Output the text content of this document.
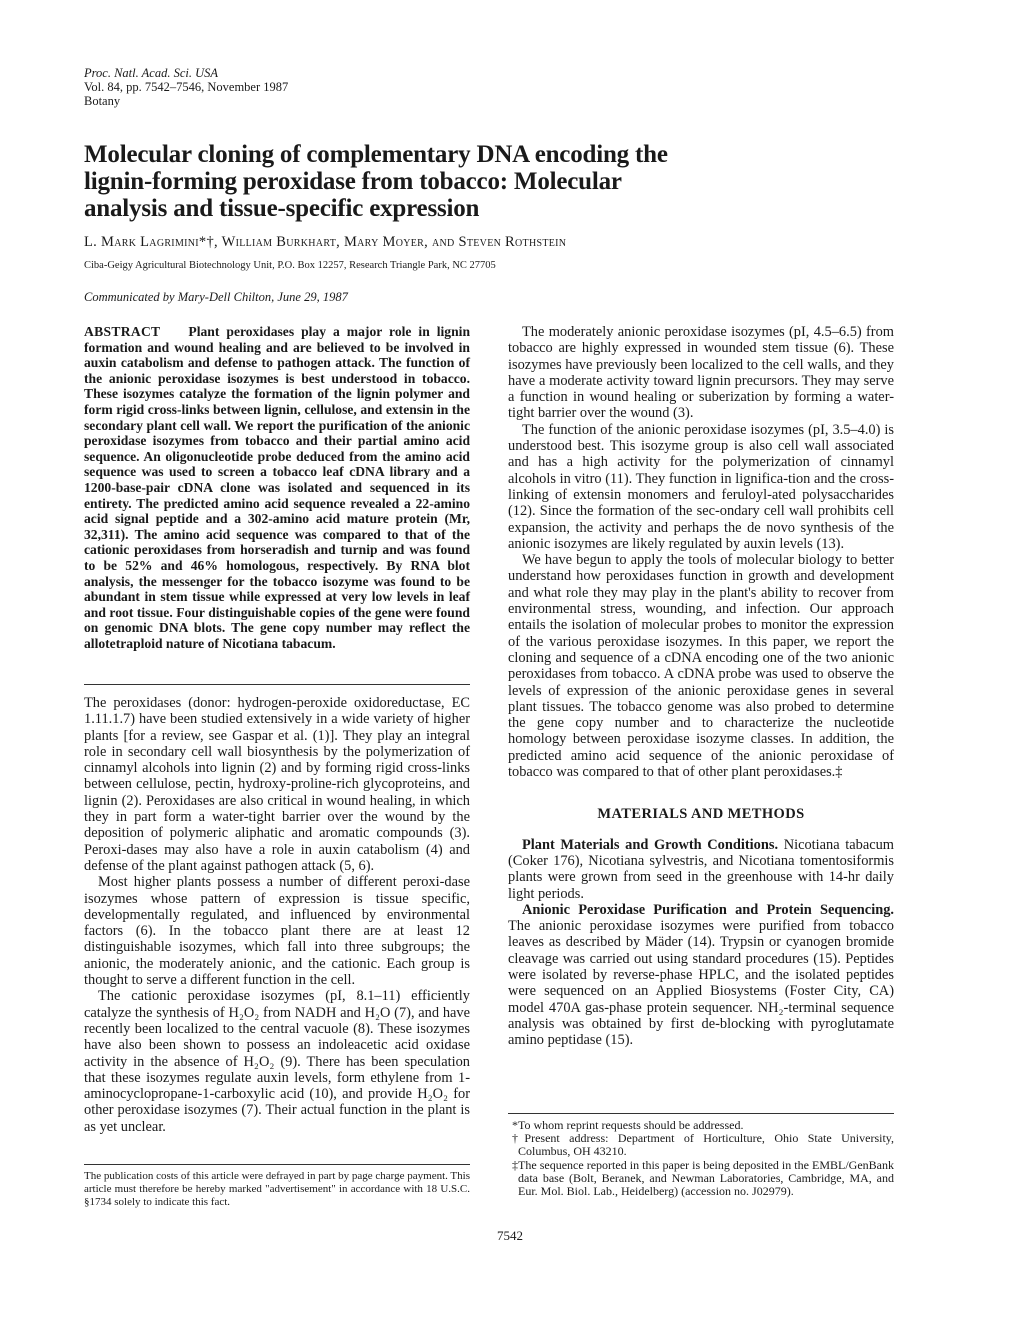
Proc. Natl. Acad. Sci. USA
Vol. 84, pp. 7542–7546, November 1987
Botany
Molecular cloning of complementary DNA encoding the
lignin-forming peroxidase from tobacco: Molecular
analysis and tissue-specific expression
L. Mark Lagrimini*†, William Burkhart, Mary Moyer, and Steven Rothstein
Ciba-Geigy Agricultural Biotechnology Unit, P.O. Box 12257, Research Triangle Park, NC 27705
Communicated by Mary-Dell Chilton, June 29, 1987
ABSTRACT Plant peroxidases play a major role in lignin formation and wound healing and are believed to be involved in auxin catabolism and defense to pathogen attack. The function of the anionic peroxidase isozymes is best understood in tobacco. These isozymes catalyze the formation of the lignin polymer and form rigid cross-links between lignin, cellulose, and extensin in the secondary plant cell wall. We report the purification of the anionic peroxidase isozymes from tobacco and their partial amino acid sequence. An oligonucleotide probe deduced from the amino acid sequence was used to screen a tobacco leaf cDNA library and a 1200-base-pair cDNA clone was isolated and sequenced in its entirety. The predicted amino acid sequence revealed a 22-amino acid signal peptide and a 302-amino acid mature protein (Mr, 32,311). The amino acid sequence was compared to that of the cationic peroxidases from horseradish and turnip and was found to be 52% and 46% homologous, respectively. By RNA blot analysis, the messenger for the tobacco isozyme was found to be abundant in stem tissue while expressed at very low levels in leaf and root tissue. Four distinguishable copies of the gene were found on genomic DNA blots. The gene copy number may reflect the allotetraploid nature of Nicotiana tabacum.

The peroxidases (donor: hydrogen-peroxide oxidoreductase, EC 1.11.1.7) have been studied extensively in a wide variety of higher plants [for a review, see Gaspar et al. (1)]. They play an integral role in secondary cell wall biosynthesis by the polymerization of cinnamyl alcohols into lignin (2) and by forming rigid cross-links between cellulose, pectin, hydroxy-proline-rich glycoproteins, and lignin (2). Peroxidases are also critical in wound healing, in which they in part form a water-tight barrier over the wound by the deposition of polymeric aliphatic and aromatic compounds (3). Peroxi-dases may also have a role in auxin catabolism (4) and defense of the plant against pathogen attack (5, 6).

Most higher plants possess a number of different peroxi-dase isozymes whose pattern of expression is tissue specific, developmentally regulated, and influenced by environmental factors (6). In the tobacco plant there are at least 12 distinguishable isozymes, which fall into three subgroups; the anionic, the moderately anionic, and the cationic. Each group is thought to serve a different function in the cell.

The cationic peroxidase isozymes (pI, 8.1–11) efficiently catalyze the synthesis of H₂O₂ from NADH and H₂O (7), and have recently been localized to the central vacuole (8). These isozymes have also been shown to possess an indoleacetic acid oxidase activity in the absence of H₂O₂ (9). There has been speculation that these isozymes regulate auxin levels, form ethylene from 1-aminocyclopropane-1-carboxylic acid (10), and provide H₂O₂ for other peroxidase isozymes (7). Their actual function in the plant is as yet unclear.

The publication costs of this article were defrayed in part by page charge payment. This article must therefore be hereby marked "advertisement" in accordance with 18 U.S.C. §1734 solely to indicate this fact.

The moderately anionic peroxidase isozymes (pI, 4.5–6.5) from tobacco are highly expressed in wounded stem tissue (6). These isozymes have previously been localized to the cell walls, and they have a moderate activity toward lignin precursors. They may serve a function in wound healing or suberization by forming a water-tight barrier over the wound (3).

The function of the anionic peroxidase isozymes (pI, 3.5–4.0) is understood best. This isozyme group is also cell wall associated and has a high activity for the polymerization of cinnamyl alcohols in vitro (11). They function in lignifica-tion and the cross-linking of extensin monomers and feruloyl-ated polysaccharides (12). Since the formation of the sec-ondary cell wall prohibits cell expansion, the activity and perhaps the de novo synthesis of the anionic isozymes are likely regulated by auxin levels (13).

We have begun to apply the tools of molecular biology to better understand how peroxidases function in growth and development and what role they may play in the plant's ability to recover from environmental stress, wounding, and infection. Our approach entails the isolation of molecular probes to monitor the expression of the various peroxidase isozymes. In this paper, we report the cloning and sequence of a cDNA encoding one of the two anionic peroxidases from tobacco. A cDNA probe was used to observe the levels of expression of the anionic peroxidase genes in several plant tissues. The tobacco genome was also probed to determine the gene copy number and to characterize the nucleotide homology between peroxidase isozyme classes. In addition, the predicted amino acid sequence of the anionic peroxidase of tobacco was compared to that of other plant peroxidases.‡

MATERIALS AND METHODS

Plant Materials and Growth Conditions. Nicotiana tabacum (Coker 176), Nicotiana sylvestris, and Nicotiana tomentosiformis plants were grown from seed in the greenhouse with 14-hr daily light periods.

Anionic Peroxidase Purification and Protein Sequencing. The anionic peroxidase isozymes were purified from tobacco leaves as described by Mäder (14). Trypsin or cyanogen bromide cleavage was carried out using standard procedures (15). Peptides were isolated by reverse-phase HPLC, and the isolated peptides were sequenced on an Applied Biosystems (Foster City, CA) model 470A gas-phase protein sequencer. NH₂-terminal sequence analysis was obtained by first de-blocking with pyroglutamate amino peptidase (15).

*To whom reprint requests should be addressed.

†Present address: Department of Horticulture, Ohio State University, Columbus, OH 43210.

‡The sequence reported in this paper is being deposited in the EMBL/GenBank data base (Bolt, Beranek, and Newman Laboratories, Cambridge, MA, and Eur. Mol. Biol. Lab., Heidelberg) (accession no. J02979).

7542
